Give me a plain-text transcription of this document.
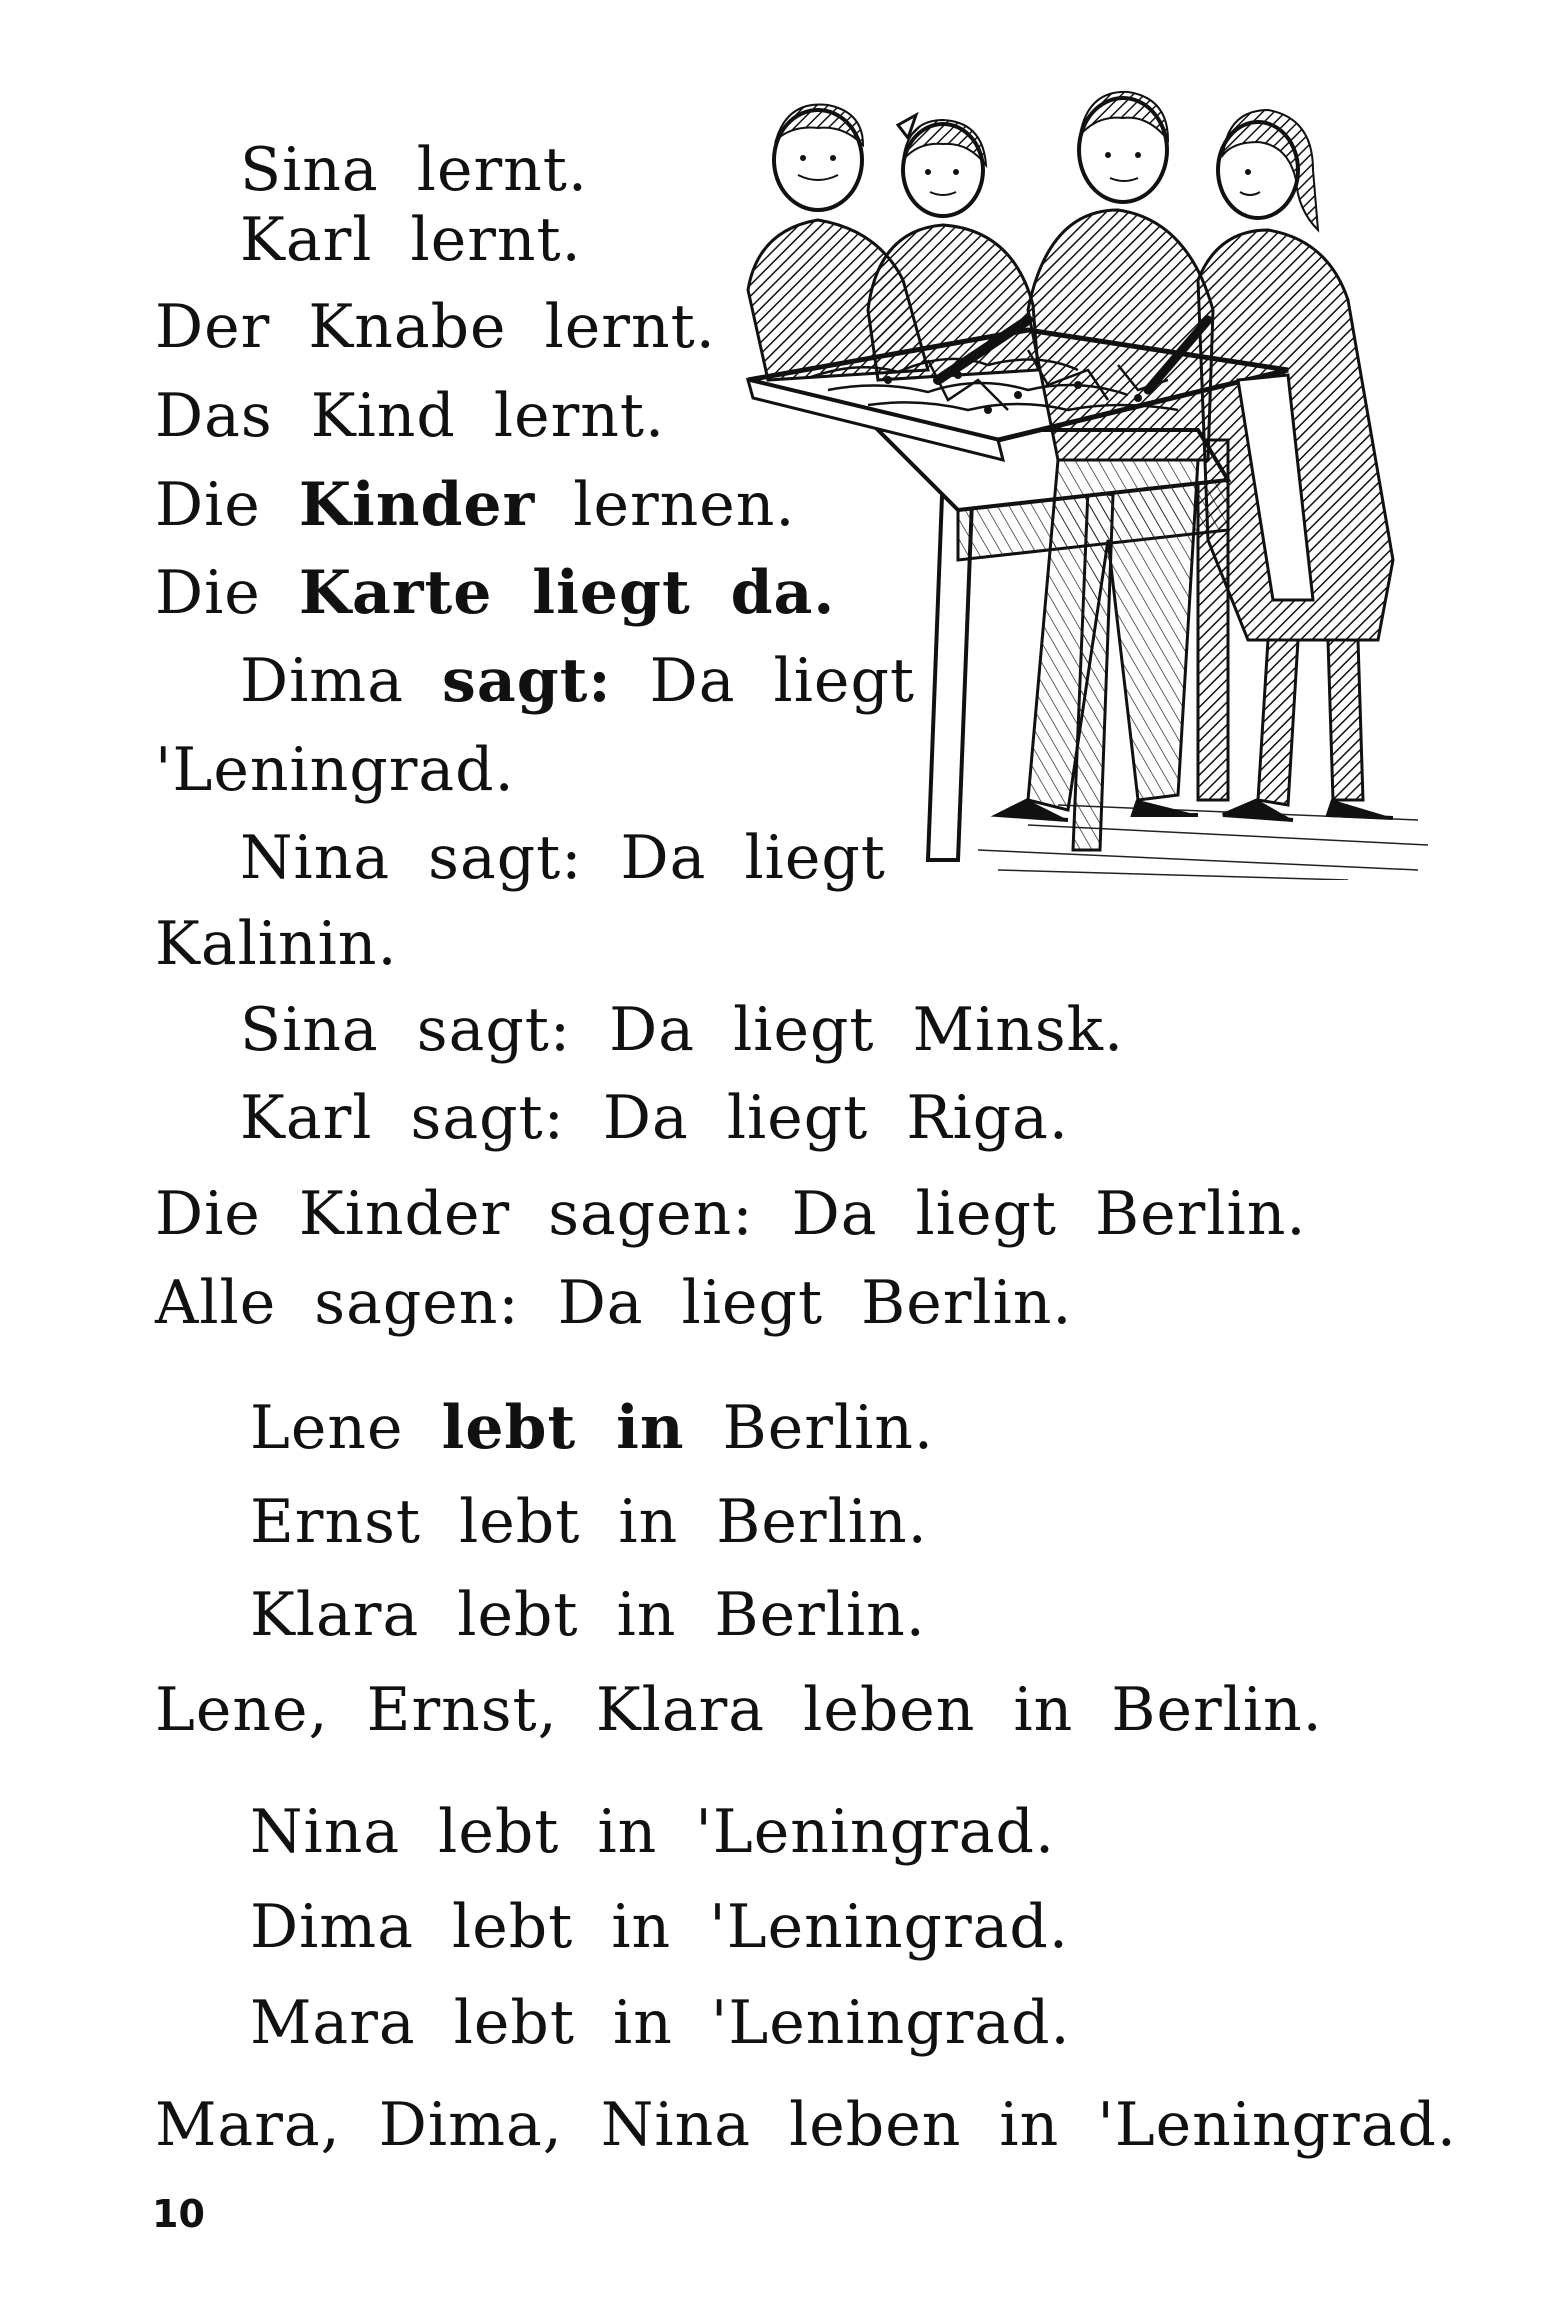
Sina lernt.
Karl lernt.
Der Knabe lernt.
Das Kind lernt.
Die Kinder lernen.
Die Karte liegt da.
Dima sagt: Da liegt
'Leningrad.
Nina sagt: Da liegt
Kalinin.
Sina sagt: Da liegt Minsk.
Karl sagt: Da liegt Riga.
Die Kinder sagen: Da liegt Berlin.
Alle sagen: Da liegt Berlin.
Lene lebt in Berlin.
Ernst lebt in Berlin.
Klara lebt in Berlin.
Lene, Ernst, Klara leben in Berlin.
Nina lebt in 'Leningrad.
Dima lebt in 'Leningrad.
Mara lebt in 'Leningrad.
Mara, Dima, Nina leben in 'Leningrad.
10
